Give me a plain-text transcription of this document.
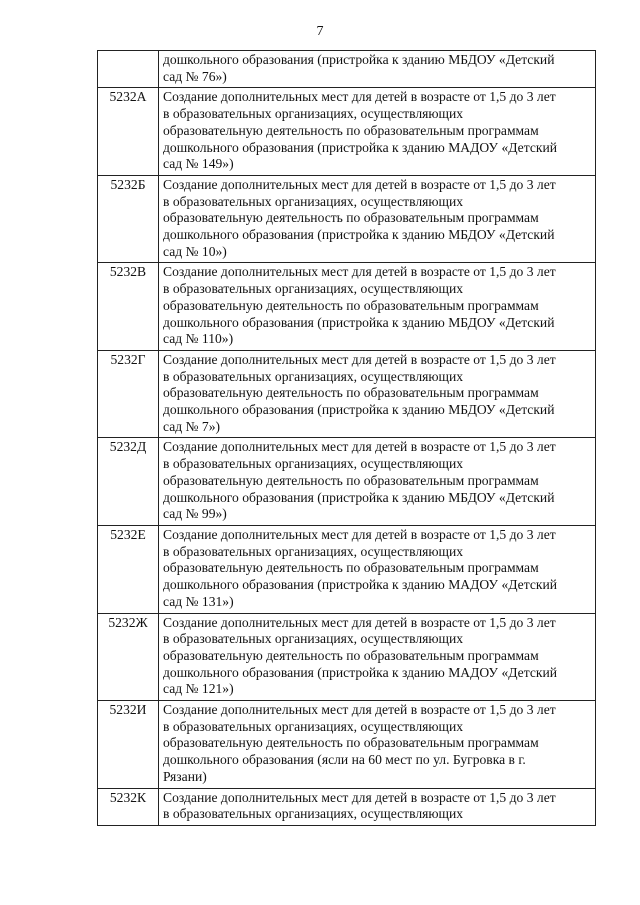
7

	дошкольного образования (пристройка к зданию МБДОУ «Детский
сад № 76»)

5232А	Создание дополнительных мест для детей в возрасте от 1,5 до 3 лет
в образовательных организациях, осуществляющих
образовательную деятельность по образовательным программам
дошкольного образования (пристройка к зданию МАДОУ «Детский
сад № 149»)

5232Б	Создание дополнительных мест для детей в возрасте от 1,5 до 3 лет
в образовательных организациях, осуществляющих
образовательную деятельность по образовательным программам
дошкольного образования (пристройка к зданию МБДОУ «Детский
сад № 10»)

5232В	Создание дополнительных мест для детей в возрасте от 1,5 до 3 лет
в образовательных организациях, осуществляющих
образовательную деятельность по образовательным программам
дошкольного образования (пристройка к зданию МБДОУ «Детский
сад № 110»)

5232Г	Создание дополнительных мест для детей в возрасте от 1,5 до 3 лет
в образовательных организациях, осуществляющих
образовательную деятельность по образовательным программам
дошкольного образования (пристройка к зданию МБДОУ «Детский
сад № 7»)

5232Д	Создание дополнительных мест для детей в возрасте от 1,5 до 3 лет
в образовательных организациях, осуществляющих
образовательную деятельность по образовательным программам
дошкольного образования (пристройка к зданию МБДОУ «Детский
сад № 99»)

5232Е	Создание дополнительных мест для детей в возрасте от 1,5 до 3 лет
в образовательных организациях, осуществляющих
образовательную деятельность по образовательным программам
дошкольного образования (пристройка к зданию МАДОУ «Детский
сад № 131»)

5232Ж	Создание дополнительных мест для детей в возрасте от 1,5 до 3 лет
в образовательных организациях, осуществляющих
образовательную деятельность по образовательным программам
дошкольного образования (пристройка к зданию МАДОУ «Детский
сад № 121»)

5232И	Создание дополнительных мест для детей в возрасте от 1,5 до 3 лет
в образовательных организациях, осуществляющих
образовательную деятельность по образовательным программам
дошкольного образования (ясли на 60 мест по ул. Бугровка в г.
Рязани)

5232К	Создание дополнительных мест для детей в возрасте от 1,5 до 3 лет
в образовательных организациях, осуществляющих
